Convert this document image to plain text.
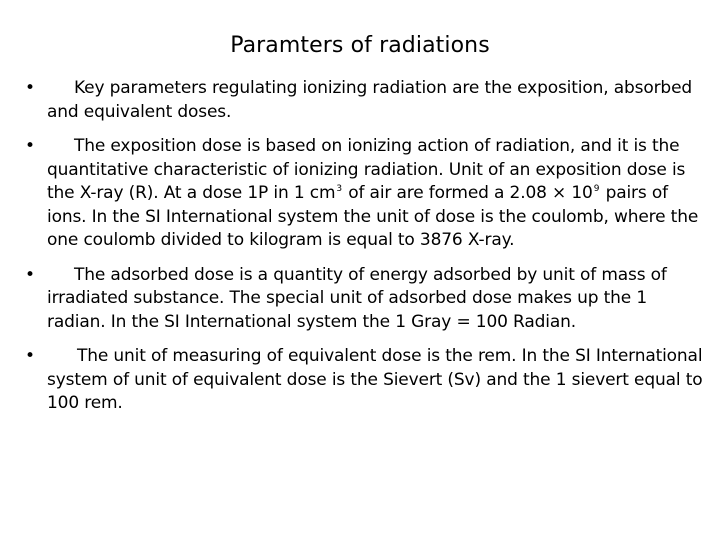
Paramters of radiations
• Key parameters regulating ionizing radiation are the exposition, absorbed and equivalent doses.
• The exposition dose is based on ionizing action of radiation, and it is the quantitative characteristic of ionizing radiation. Unit of an exposition dose is the X-ray (R). At a dose 1Р in 1 $cm^3$ of air are formed a $2.08 \times 10^9$ pairs of ions. In the SI International system the unit of dose is the coulomb, where the one coulomb divided to kilogram is equal to 3876 X-ray.
• The adsorbed dose is a quantity of energy adsorbed by unit of mass of irradiated substance. The special unit of adsorbed dose makes up the 1 radian. In the SI International system the 1 Gray = 100 Radian.
• The unit of measuring of equivalent dose is the rem. In the SI International system of unit of equivalent dose is the Sievert (Sv) and the 1 sievert equal to 100 rem.
